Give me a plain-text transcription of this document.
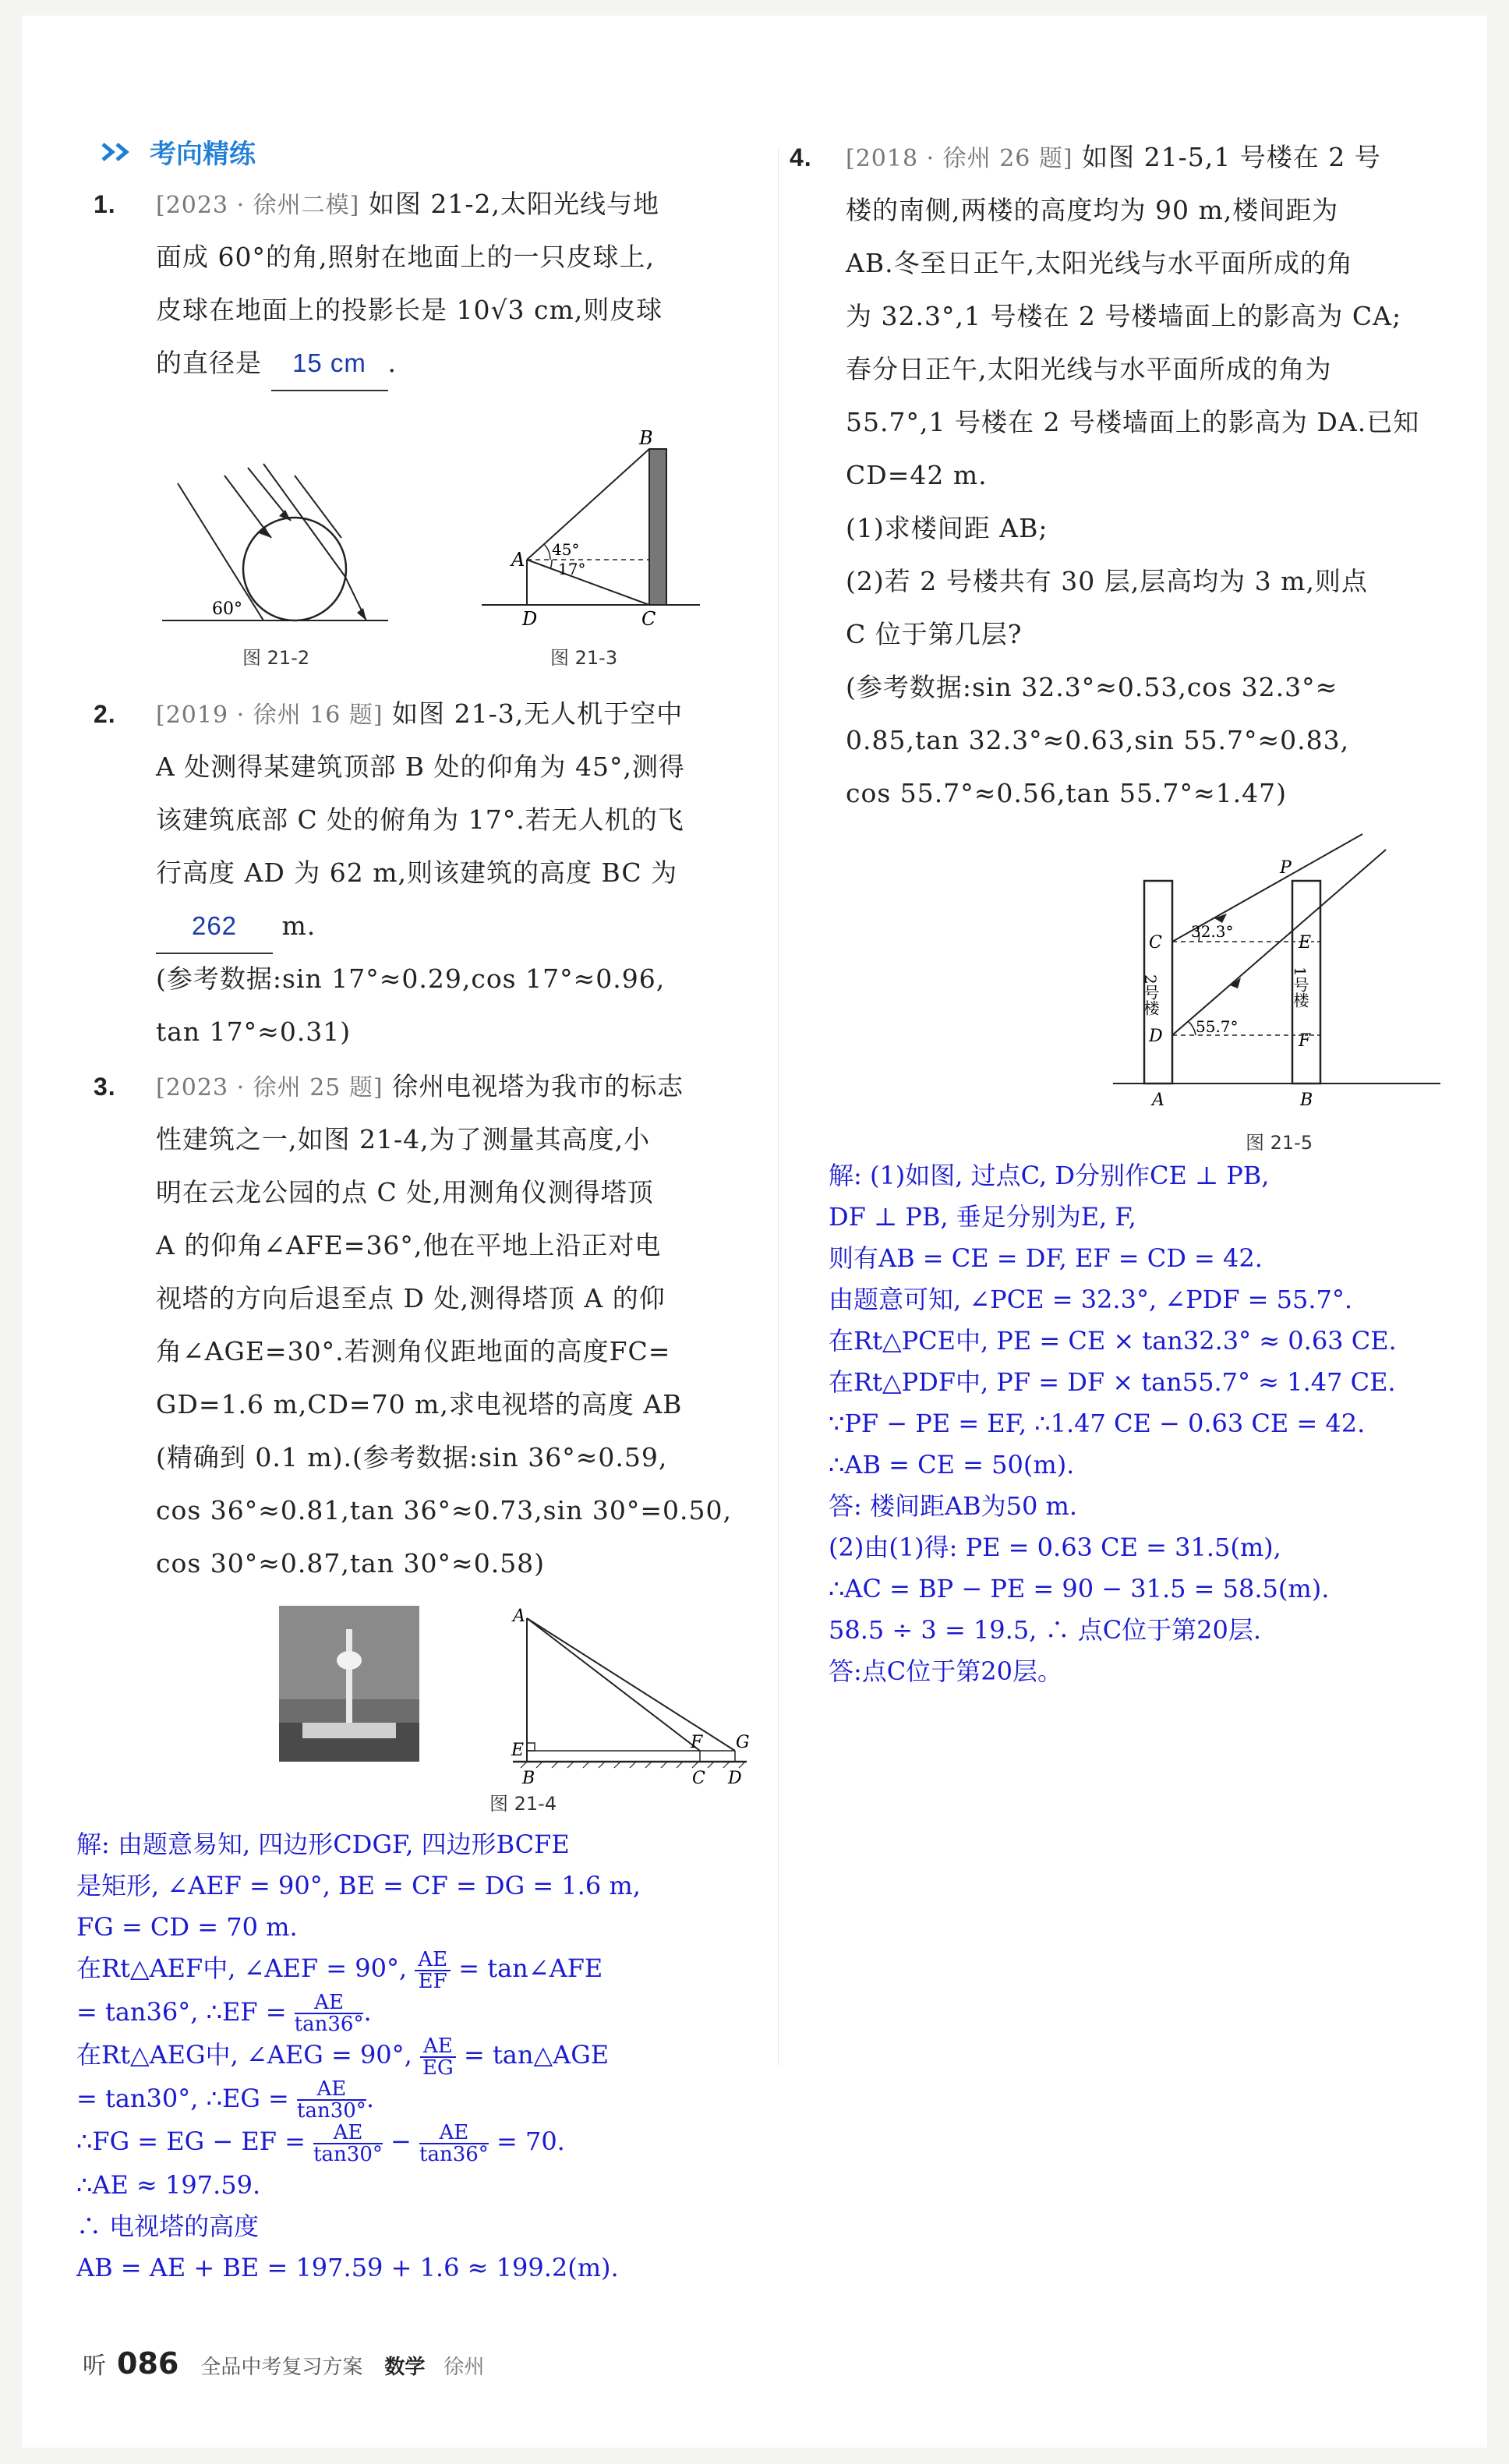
考向精练
1. [2023 · 徐州二模] 如图 21-2,太阳光线与地

面成 60°的角,照射在地面上的一只皮球上,

皮球在地面上的投影长是 10√3 cm,则皮球

的直径是 15 cm .

60°
图 21-2
B
A
D	C
45°
17°
图 21-3
2. [2019 · 徐州 16 题] 如图 21-3,无人机于空中

A 处测得某建筑顶部 B 处的仰角为 45°,测得

该建筑底部 C 处的俯角为 17°.若无人机的飞

行高度 AD 为 62 m,则该建筑的高度 BC 为

262 m.

(参考数据:sin 17°≈0.29,cos 17°≈0.96,

tan 17°≈0.31)

3. [2023 · 徐州 25 题] 徐州电视塔为我市的标志

性建筑之一,如图 21-4,为了测量其高度,小

明在云龙公园的点 C 处,用测角仪测得塔顶

A 的仰角∠AFE=36°,他在平地上沿正对电

视塔的方向后退至点 D 处,测得塔顶 A 的仰

角∠AGE=30°.若测角仪距地面的高度FC=

GD=1.6 m,CD=70 m,求电视塔的高度 AB

(精确到 0.1 m).(参考数据:sin 36°≈0.59,

cos 36°≈0.81,tan 36°≈0.73,sin 30°=0.50,

cos 30°≈0.87,tan 30°≈0.58)

A
E
B
F G
C D
图 21-4

解: 由题意易知, 四边形CDGF, 四边形BCFE

是矩形, ∠AEF = 90°, BE = CF = DG = 1.6 m,

FG = CD = 70 m.

在Rt△AEF中, ∠AEF = 90°, $\frac{AE}{EF}$ = tan∠AFE

= tan36°, ∴EF = $\frac{AE}{\tan 36^\circ}$ .

在Rt△AEG中, ∠AEG = 90°, $\frac{AE}{EG}$ = tan△AGE

= tan30°, ∴EG = $\frac{AE}{\tan 30^\circ}$ .

∴FG = EG − EF = $\frac{AE}{\tan 30^\circ} - \frac{AE}{\tan 36^\circ} = 70$.

∴AE ≈ 197.59.

∴ 电视塔的高度

AB = AE + BE = 197.59 + 1.6 ≈ 199.2(m).

4. [2018 · 徐州 26 题] 如图 21-5,1 号楼在 2 号

楼的南侧,两楼的高度均为 90 m,楼间距为

AB.冬至日正午,太阳光线与水平面所成的角

为 32.3°,1 号楼在 2 号楼墙面上的影高为 CA;

春分日正午,太阳光线与水平面所成的角为

55.7°,1 号楼在 2 号楼墙面上的影高为 DA.已知

CD=42 m.

(1)求楼间距 AB;

(2)若 2 号楼共有 30 层,层高均为 3 m,则点

C 位于第几层?

(参考数据:sin 32.3°≈0.53,cos 32.3°≈

0.85,tan 32.3°≈0.63,sin 55.7°≈0.83,

cos 55.7°≈0.56,tan 55.7°≈1.47)

P
C
D
E
F
A	B
32.3°
55.7°
2号楼	1号楼
图 21-5

解: (1)如图, 过点C, D分别作CE ⊥ PB,

DF ⊥ PB, 垂足分别为E, F,

则有AB = CE = DF, EF = CD = 42.

由题意可知, ∠PCE = 32.3°, ∠PDF = 55.7°.

在Rt△PCE中, PE = CE × tan32.3° ≈ 0.63 CE.

在Rt△PDF中, PF = DF × tan55.7° ≈ 1.47 CE.

∵PF − PE = EF, ∴1.47 CE − 0.63 CE = 42.

∴AB = CE = 50(m).

答: 楼间距AB为50 m.

(2)由(1)得: PE = 0.63 CE = 31.5(m),

∴AC = BP − PE = 90 − 31.5 = 58.5(m).

58.5 ÷ 3 = 19.5, ∴ 点C位于第20层.

答:点C位于第20层。

听 086 全品中考复习方案 数学 徐州
